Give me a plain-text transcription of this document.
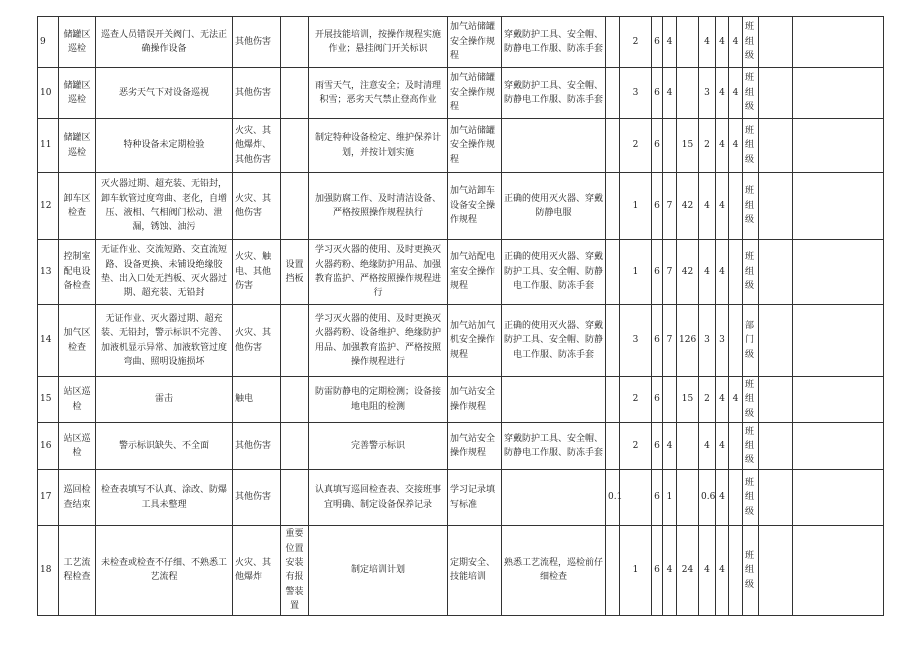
9	储罐区巡检	巡查人员错误开关阀门、无法正确操作设备	其他伤害		开展技能培训，按操作规程实施作业；悬挂阀门开关标识	加气站储罐安全操作规程	穿戴防护工具、安全帽、防静电工作服、防冻手套		2	6	4		4	4	4	班组级		
10	储罐区巡检	恶劣天气下对设备巡视	其他伤害		雨雪天气，注意安全；及时清理积雪；恶劣天气禁止登高作业	加气站储罐安全操作规程	穿戴防护工具、安全帽、防静电工作服、防冻手套		3	6	4		3	4	4	班组级		
11	储罐区巡检	特种设备未定期检验	火灾、其他爆炸、其他伤害		制定特种设备检定、维护保养计划，并按计划实施	加气站储罐安全操作规程			2	6		15	2	4	4	班组级		
12	卸车区检查	灭火器过期、超充装、无铅封，卸车软管过度弯曲、老化，自增压、液相、气相阀门松动、泄漏，锈蚀、油污	火灾、其他伤害		加强防腐工作、及时清洁设备、严格按照操作规程执行	加气站卸车设备安全操作规程	正确的使用灭火器、穿戴防静电服		1	6	7	42	4	4		班组级		
13	控制室配电设备检查	无证作业、交流短路、交直流短路、设备更换、未铺设绝缘胶垫、出入口处无挡板、灭火器过期、超充装、无铅封	火灾、触电、其他伤害	设置挡板	学习灭火器的使用、及时更换灭火器药粉、绝缘防护用品、加强教育监护、严格按照操作规程进行	加气站配电室安全操作规程	正确的使用灭火器、穿戴防护工具、安全帽、防静电工作服、防冻手套		1	6	7	42	4	4		班组级		
14	加气区检查	无证作业、灭火器过期、超充装、无铅封，警示标识不完善、加液机显示异常、加液软管过度弯曲、照明设施损坏	火灾、其他伤害		学习灭火器的使用、及时更换灭火器药粉、设备维护、绝缘防护用品、加强教育监护、严格按照操作规程进行	加气站加气机安全操作规程	正确的使用灭火器、穿戴防护工具、安全帽、防静电工作服、防冻手套		3	6	7	126	3	3		部门级		
15	站区巡检	雷击	触电		防雷防静电的定期检测；设备接地电阻的检测	加气站安全操作规程			2	6		15	2	4	4	班组级		
16	站区巡检	警示标识缺失、不全面	其他伤害		完善警示标识	加气站安全操作规程	穿戴防护工具、安全帽、防静电工作服、防冻手套		2	6	4		4	4		班组级		
17	巡回检查结束	检查表填写不认真、涂改、防爆工具未整理	其他伤害		认真填写巡回检查表、交接班事宜明确、制定设备保养记录	学习记录填写标准		0.1		6	1		0.6	4		班组级		
18	工艺流程检查	未检查或检查不仔细、不熟悉工艺流程	火灾、其他爆炸	重要位置安装有报警装置	制定培训计划	定期安全、技能培训	熟悉工艺流程，巡检前仔细检查		1	6	4	24	4	4		班组级		
